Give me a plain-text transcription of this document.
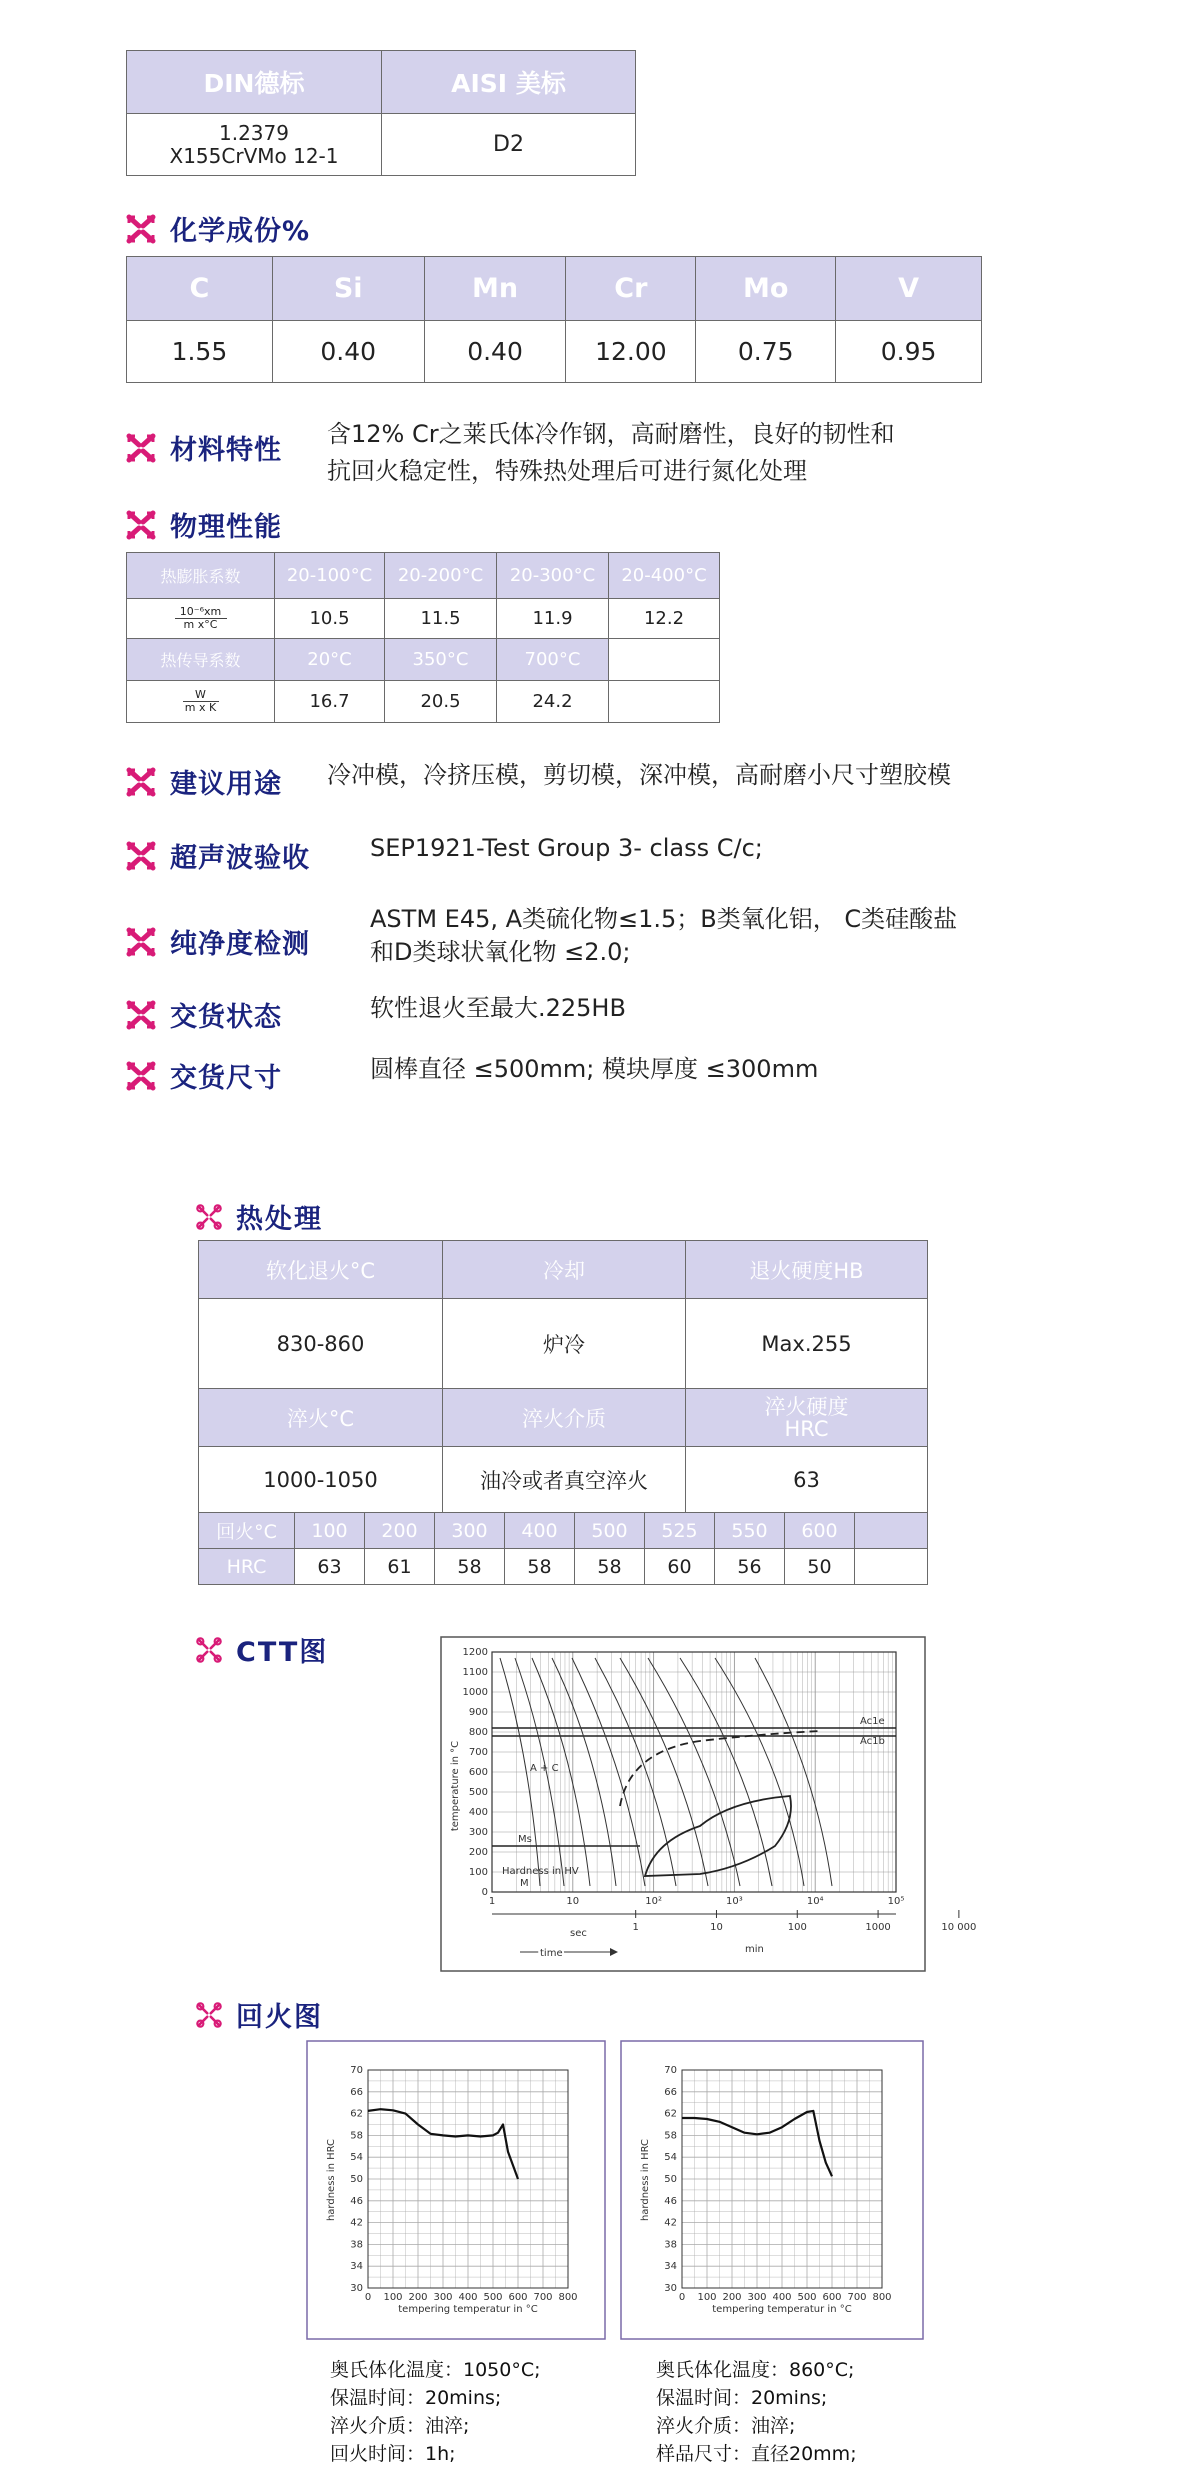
DIN德标	AISI 美标

1.2379
X155CrVMo 12-1	D2
化学成份%
C	Si	Mn	Cr	Mo	V
1.55	0.40	0.40	12.00	0.75	0.95
材料特性
含12% Cr之莱氏体冷作钢，高耐磨性，良好的韧性和
抗回火稳定性，特殊热处理后可进行氮化处理
物理性能
热膨胀系数	20-100°C	20-200°C	20-300°C	20-400°C

10⁻⁶xm
m x°C	10.5	11.5	11.9	12.2
热传导系数	20°C	350°C	700°C	

W
m x K	16.7	20.5	24.2	
建议用途 冷冲模，冷挤压模，剪切模，深冲模，高耐磨小尺寸塑胶模
超声波验收	SEP1921-Test Group 3- class C/c;
纯净度检测
ASTM E45, A类硫化物≤1.5；B类氧化铝， C类硅酸盐
和D类球状氧化物 ≤2.0;
交货状态	软性退火至最大.225HB
交货尺寸	圆棒直径 ≤500mm; 模块厚度 ≤300mm
热处理
软化退火°C	冷却	退火硬度HB
830-860	炉冷	Max.255
淬火°C	淬火介质	淬火硬度
HRC
1000-1050	油冷或者真空淬火	63
回火°C	100	200	300	400	500	525	550	600	
HRC	63	61	58	58	58	60	56	50	
CTT图	1200
1100
1000
900
800
700
600
500
400
300
200
100
0
temperature in °C
Ac1e
Ac1b
A + C
Ms
M
Hardness in HV
1	10	10²	10³	10⁴	10⁵
1	10	100	1000	10 000
sec
min
time
回火图
70
66
62
58
54
50
46
42
38
34
30
0 100 200 300 400 500 600 700 800
hardness in HRC
tempering temperatur in °C
70
66
62
58
54
50
46
42
38
34
30
0 100 200 300 400 500 600 700 800
hardness in HRC
tempering temperatur in °C
奥氏体化温度：1050°C;
保温时间：20mins;
淬火介质：油淬;
回火时间：1h;
奥氏体化温度：860°C;
保温时间：20mins;
淬火介质：油淬;
样品尺寸：直径20mm;
